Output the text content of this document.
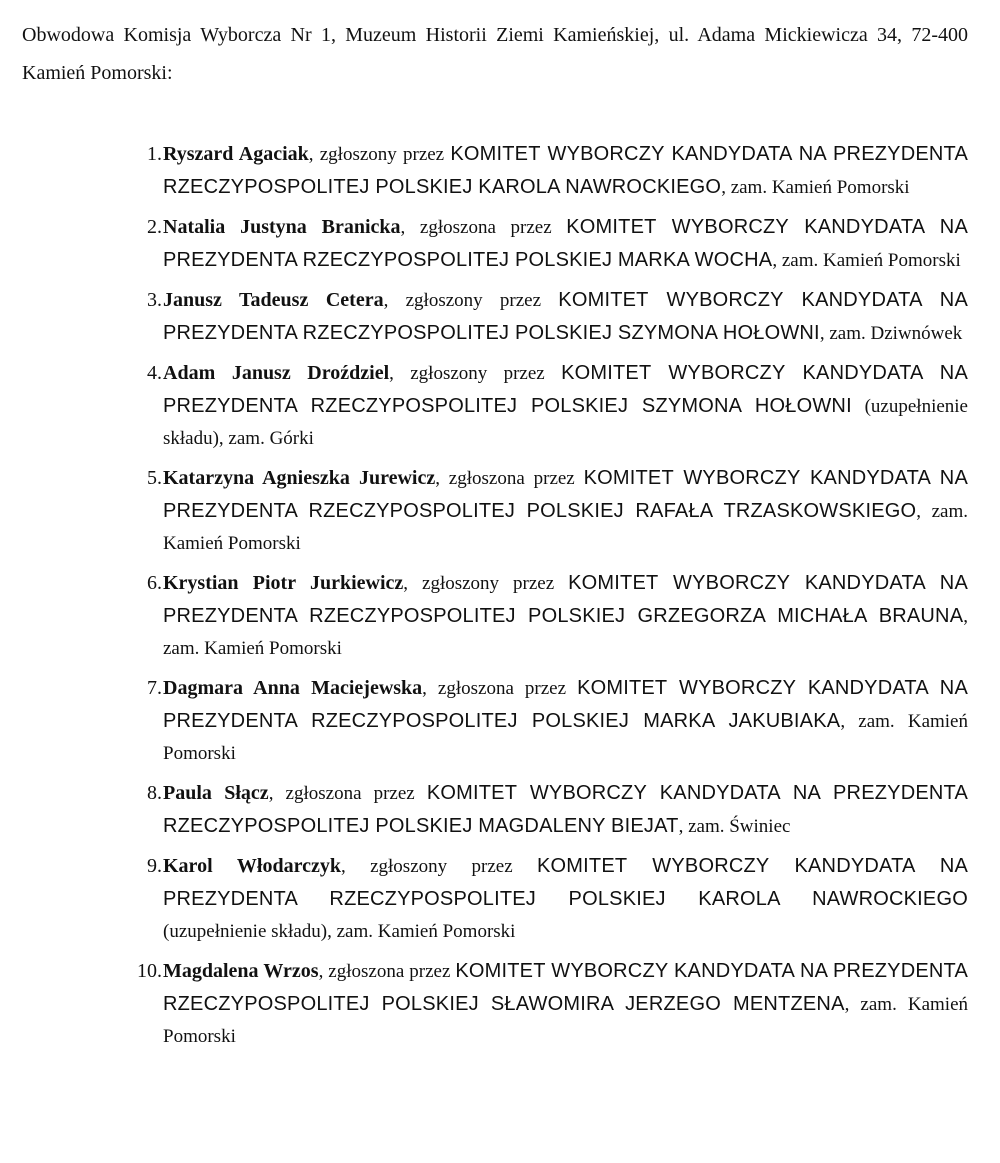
Obwodowa Komisja Wyborcza Nr 1, Muzeum Historii Ziemi Kamieńskiej, ul. Adama Mickiewicza 34, 72-400 Kamień Pomorski:

1. Ryszard Agaciak, zgłoszony przez KOMITET WYBORCZY KANDYDATA NA PREZYDENTA RZECZYPOSPOLITEJ POLSKIEJ KAROLA NAWROCKIEGO, zam. Kamień Pomorski
2. Natalia Justyna Branicka, zgłoszona przez KOMITET WYBORCZY KANDYDATA NA PREZYDENTA RZECZYPOSPOLITEJ POLSKIEJ MARKA WOCHA, zam. Kamień Pomorski
3. Janusz Tadeusz Cetera, zgłoszony przez KOMITET WYBORCZY KANDYDATA NA PREZYDENTA RZECZYPOSPOLITEJ POLSKIEJ SZYMONA HOŁOWNI, zam. Dziwnówek
4. Adam Janusz Droździel, zgłoszony przez KOMITET WYBORCZY KANDYDATA NA PREZYDENTA RZECZYPOSPOLITEJ POLSKIEJ SZYMONA HOŁOWNI (uzupełnienie składu), zam. Górki
5. Katarzyna Agnieszka Jurewicz, zgłoszona przez KOMITET WYBORCZY KANDYDATA NA PREZYDENTA RZECZYPOSPOLITEJ POLSKIEJ RAFAŁA TRZASKOWSKIEGO, zam. Kamień Pomorski
6. Krystian Piotr Jurkiewicz, zgłoszony przez KOMITET WYBORCZY KANDYDATA NA PREZYDENTA RZECZYPOSPOLITEJ POLSKIEJ GRZEGORZA MICHAŁA BRAUNA, zam. Kamień Pomorski
7. Dagmara Anna Maciejewska, zgłoszona przez KOMITET WYBORCZY KANDYDATA NA PREZYDENTA RZECZYPOSPOLITEJ POLSKIEJ MARKA JAKUBIAKA, zam. Kamień Pomorski
8. Paula Słącz, zgłoszona przez KOMITET WYBORCZY KANDYDATA NA PREZYDENTA RZECZYPOSPOLITEJ POLSKIEJ MAGDALENY BIEJAT, zam. Świniec
9. Karol Włodarczyk, zgłoszony przez KOMITET WYBORCZY KANDYDATA NA PREZYDENTA RZECZYPOSPOLITEJ POLSKIEJ KAROLA NAWROCKIEGO (uzupełnienie składu), zam. Kamień Pomorski
10. Magdalena Wrzos, zgłoszona przez KOMITET WYBORCZY KANDYDATA NA PREZYDENTA RZECZYPOSPOLITEJ POLSKIEJ SŁAWOMIRA JERZEGO MENTZENA, zam. Kamień Pomorski
